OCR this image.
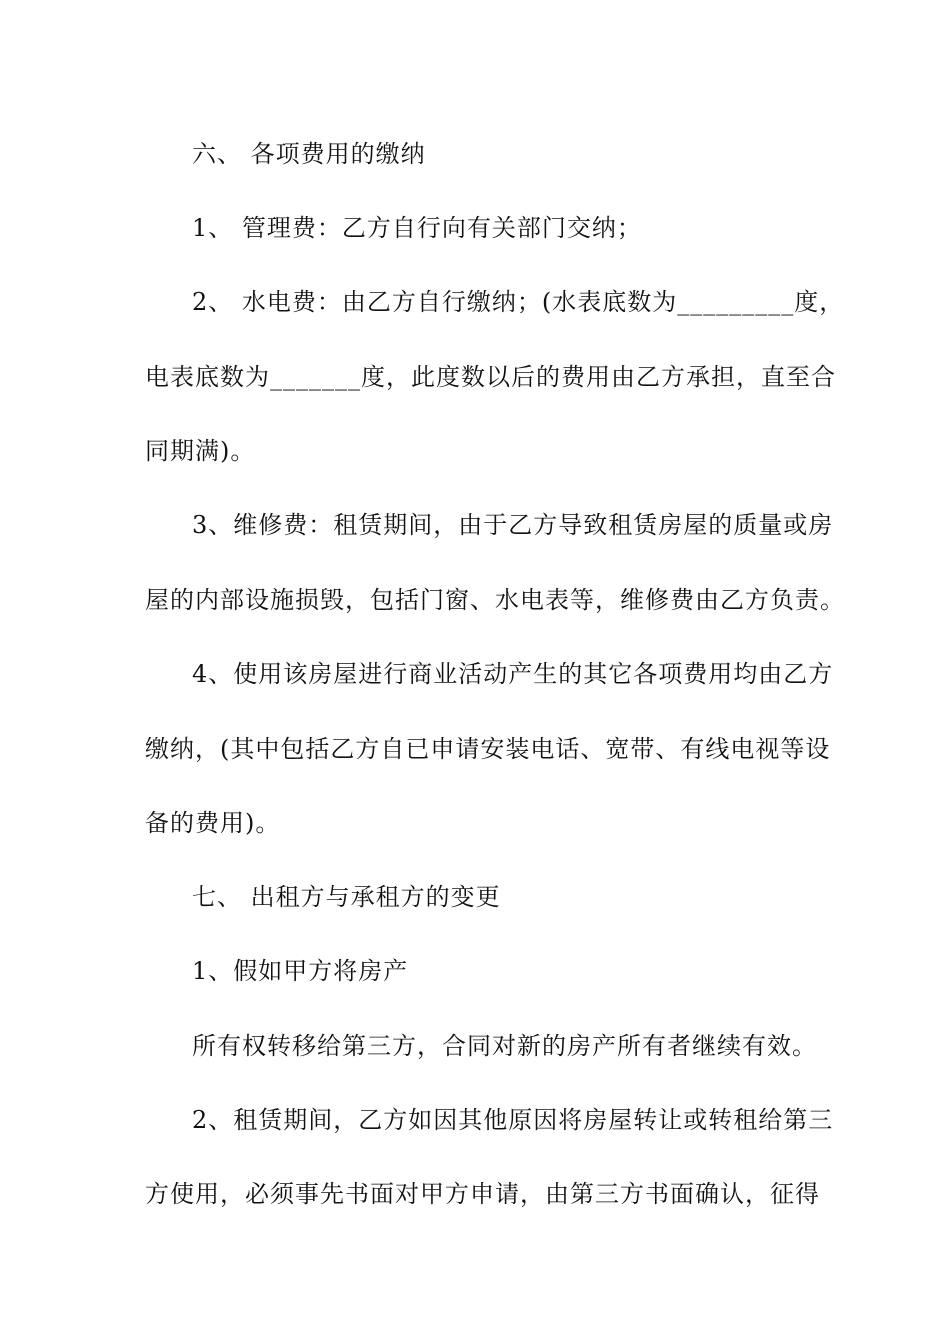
六、 各项费用的缴纳
1、 管理费：乙方自行向有关部门交纳；
2、 水电费：由乙方自行缴纳；(水表底数为_________度，
电表底数为_______度，此度数以后的费用由乙方承担，直至合
同期满)。
3、维修费：租赁期间，由于乙方导致租赁房屋的质量或房
屋的内部设施损毁，包括门窗、水电表等，维修费由乙方负责。
4、使用该房屋进行商业活动产生的其它各项费用均由乙方
缴纳，(其中包括乙方自已申请安装电话、宽带、有线电视等设
备的费用)。
七、 出租方与承租方的变更
1、假如甲方将房产
所有权转移给第三方，合同对新的房产所有者继续有效。
2、租赁期间，乙方如因其他原因将房屋转让或转租给第三
方使用，必须事先书面对甲方申请，由第三方书面确认，征得
